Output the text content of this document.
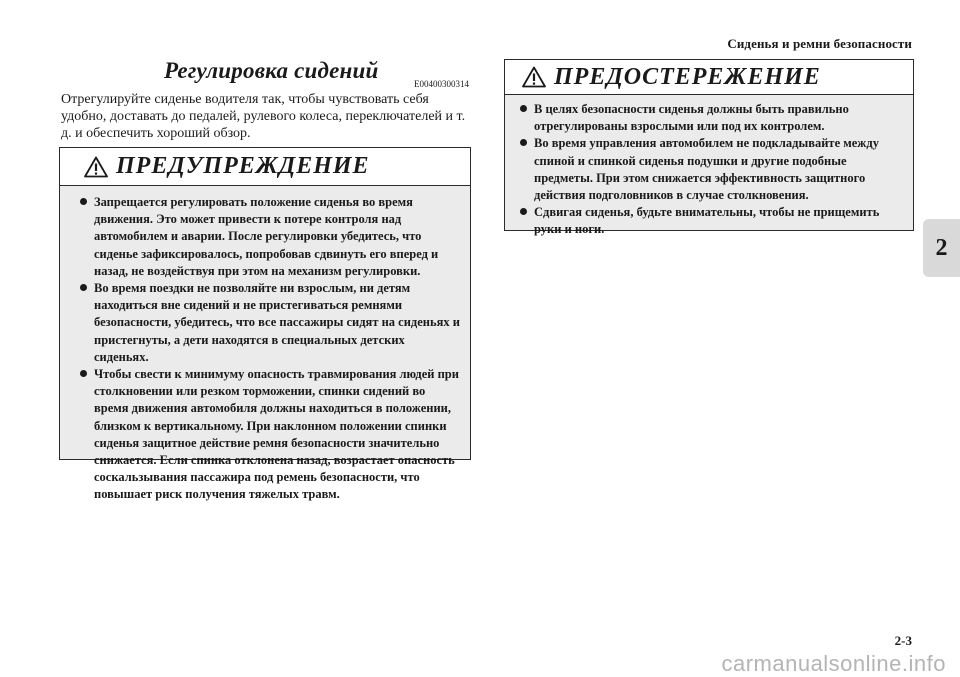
Сиденья и ремни безопасности
2
Регулировка сидений
E00400300314

Отрегулируйте сиденье водителя так, чтобы чувствовать себя удобно, доставать до педалей, рулевого колеса, переключателей и т. д. и обеспечить хороший обзор.

ПРЕДУПРЕЖДЕНИЕ
Запрещается регулировать положение сиденья во время движения. Это может привести к потере контроля над автомобилем и аварии. После регулировки убедитесь, что сиденье зафиксировалось, попробовав сдвинуть его вперед и назад, не воздействуя при этом на механизм регулировки.
Во время поездки не позволяйте ни взрослым, ни детям находиться вне сидений и не пристегиваться ремнями безопасности, убедитесь, что все пассажиры сидят на сиденьях и пристегнуты, а дети находятся в специальных детских сиденьях.
Чтобы свести к минимуму опасность травмирования людей при столкновении или резком торможении, спинки сидений во время движения автомобиля должны находиться в положении, близком к вертикальному. При наклонном положении спинки сиденья защитное действие ремня безопасности значительно снижается. Если спинка отклонена назад, возрастает опасность соскальзывания пассажира под ремень безопасности, что повышает риск получения тяжелых травм.
ПРЕДОСТЕРЕЖЕНИЕ
В целях безопасности сиденья должны быть правильно отрегулированы взрослыми или под их контролем.
Во время управления автомобилем не подкладывайте между спиной и спинкой сиденья подушки и другие подобные предметы. При этом снижается эффективность защитного действия подголовников в случае столкновения.
Сдвигая сиденья, будьте внимательны, чтобы не прищемить руки и ноги.
2-3
carmanualsonline.info
